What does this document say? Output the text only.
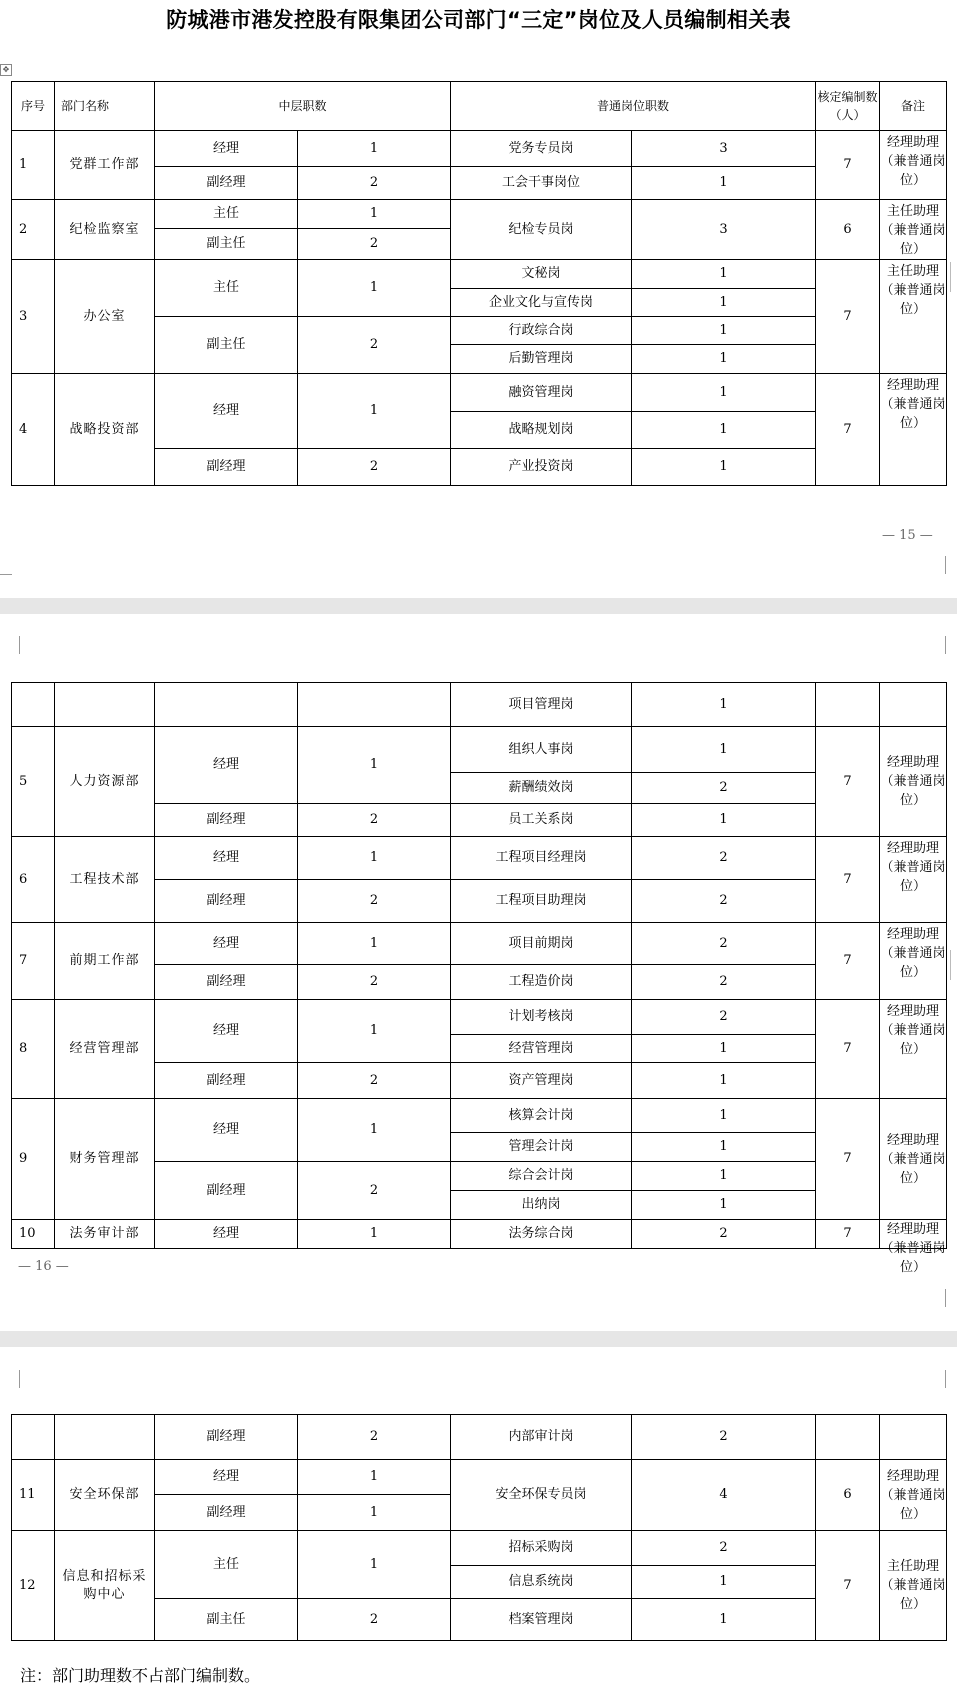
防城港市港发控股有限集团公司部门“三定”岗位及人员编制相关表
✥
序号	部门名称	中层职数		普通岗位职数		核定编制数（人）	备注
1	党群工作部	经理	1	党务专员岗	3	7	经理助理（兼普通岗位）
		副经理	2	工会干事岗位	1		
2	纪检监察室	主任	1	纪检专员岗	3	6	主任助理（兼普通岗位）
		副主任	2				
3	办公室	主任	1	文秘岗	1	7	主任助理（兼普通岗位）
				企业文化与宣传岗	1		
		副主任	2	行政综合岗	1		
				后勤管理岗	1		
4	战略投资部	经理	1	融资管理岗	1	7	经理助理（兼普通岗位）
				战略规划岗	1		
		副经理	2	产业投资岗	1		
— 15 —
				项目管理岗	1		
5	人力资源部	经理	1	组织人事岗	1	7	经理助理（兼普通岗位）
				薪酬绩效岗	2		
		副经理	2	员工关系岗	1		
6	工程技术部	经理	1	工程项目经理岗	2	7	经理助理（兼普通岗位）
		副经理	2	工程项目助理岗	2		
7	前期工作部	经理	1	项目前期岗	2	7	经理助理（兼普通岗位）
		副经理	2	工程造价岗	2		
8	经营管理部	经理	1	计划考核岗	2	7	经理助理（兼普通岗位）
				经营管理岗	1		
		副经理	2	资产管理岗	1		
9	财务管理部	经理	1	核算会计岗	1	7	经理助理（兼普通岗位）
				管理会计岗	1		
		副经理	2	综合会计岗	1		
				出纳岗	1		
10	法务审计部	经理	1	法务综合岗	2	7	经理助理（兼普通岗位）
— 16 —
		副经理	2	内部审计岗	2		
11	安全环保部	经理	1	安全环保专员岗	4	6	经理助理（兼普通岗位）
		副经理	1				
12	信息和招标采购中心	主任	1	招标采购岗	2	7	主任助理（兼普通岗位）
				信息系统岗	1		
		副主任	2	档案管理岗	1		
注：部门助理数不占部门编制数。
